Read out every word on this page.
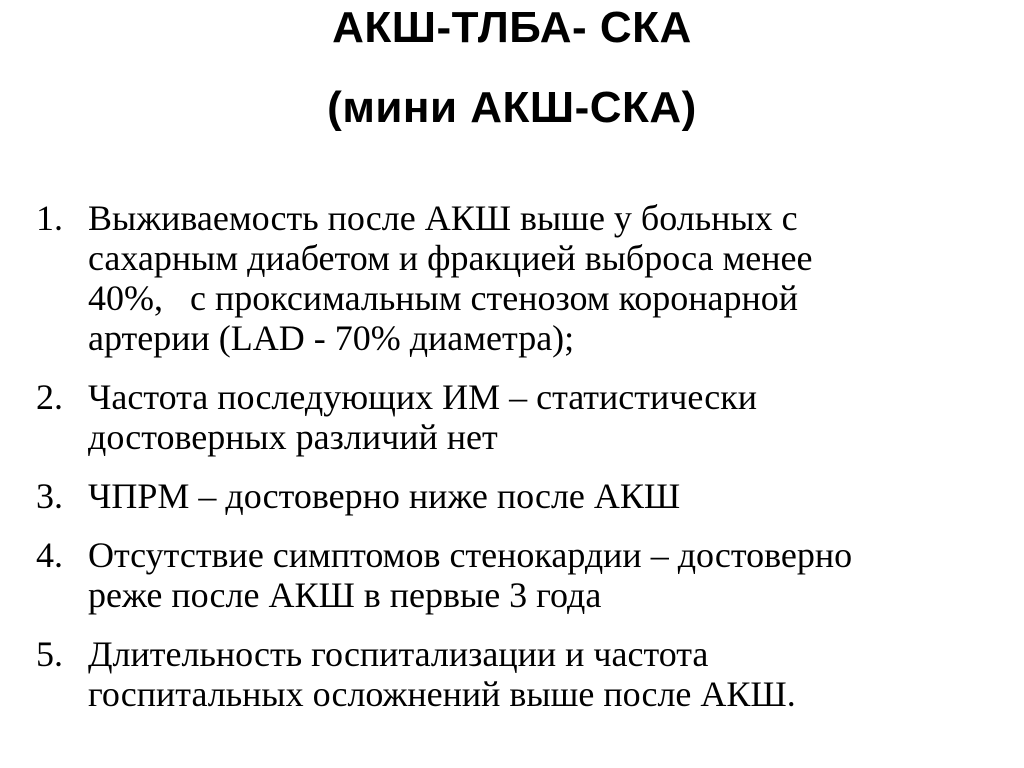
АКШ-ТЛБА- СКА
(мини АКШ-СКА)
1. Выживаемость после АКШ выше у больных с
сахарным диабетом и фракцией выброса менее
40%,   с проксимальным стенозом коронарной
артерии (LAD - 70% диаметра);
2. Частота последующих ИМ – статистически
достоверных различий нет
3. ЧПРМ – достоверно ниже после АКШ
4. Отсутствие симптомов стенокардии – достоверно
реже после АКШ в первые 3 года
5. Длительность госпитализации и частота
госпитальных осложнений выше после АКШ.
